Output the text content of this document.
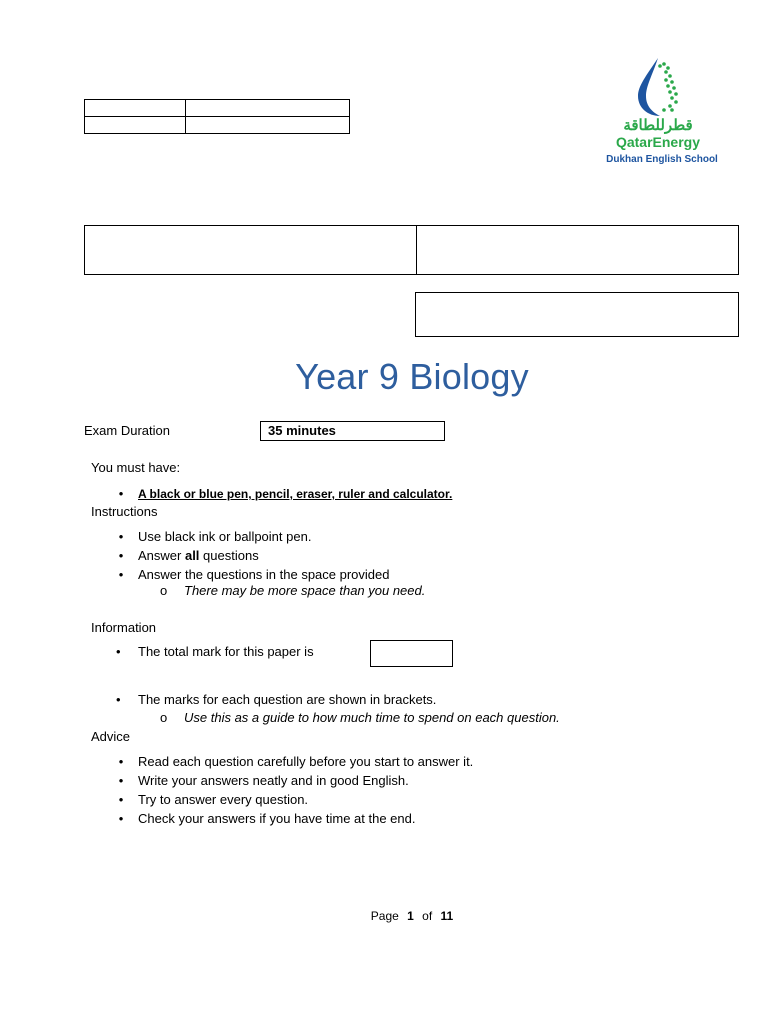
قطرللطاقة
QatarEnergy
Dukhan English School
Year 9 Biology
Exam Duration	35 minutes
You must have:
• A black or blue pen, pencil, eraser, ruler and calculator.
Instructions
• Use black ink or ballpoint pen.
• Answer all questions
• Answer the questions in the space provided
o There may be more space than you need.
Information
• The total mark for this paper is
• The marks for each question are shown in brackets.
o Use this as a guide to how much time to spend on each question.
Advice
• Read each question carefully before you start to answer it.
• Write your answers neatly and in good English.
• Try to answer every question.
• Check your answers if you have time at the end.
Page 1 of 11
